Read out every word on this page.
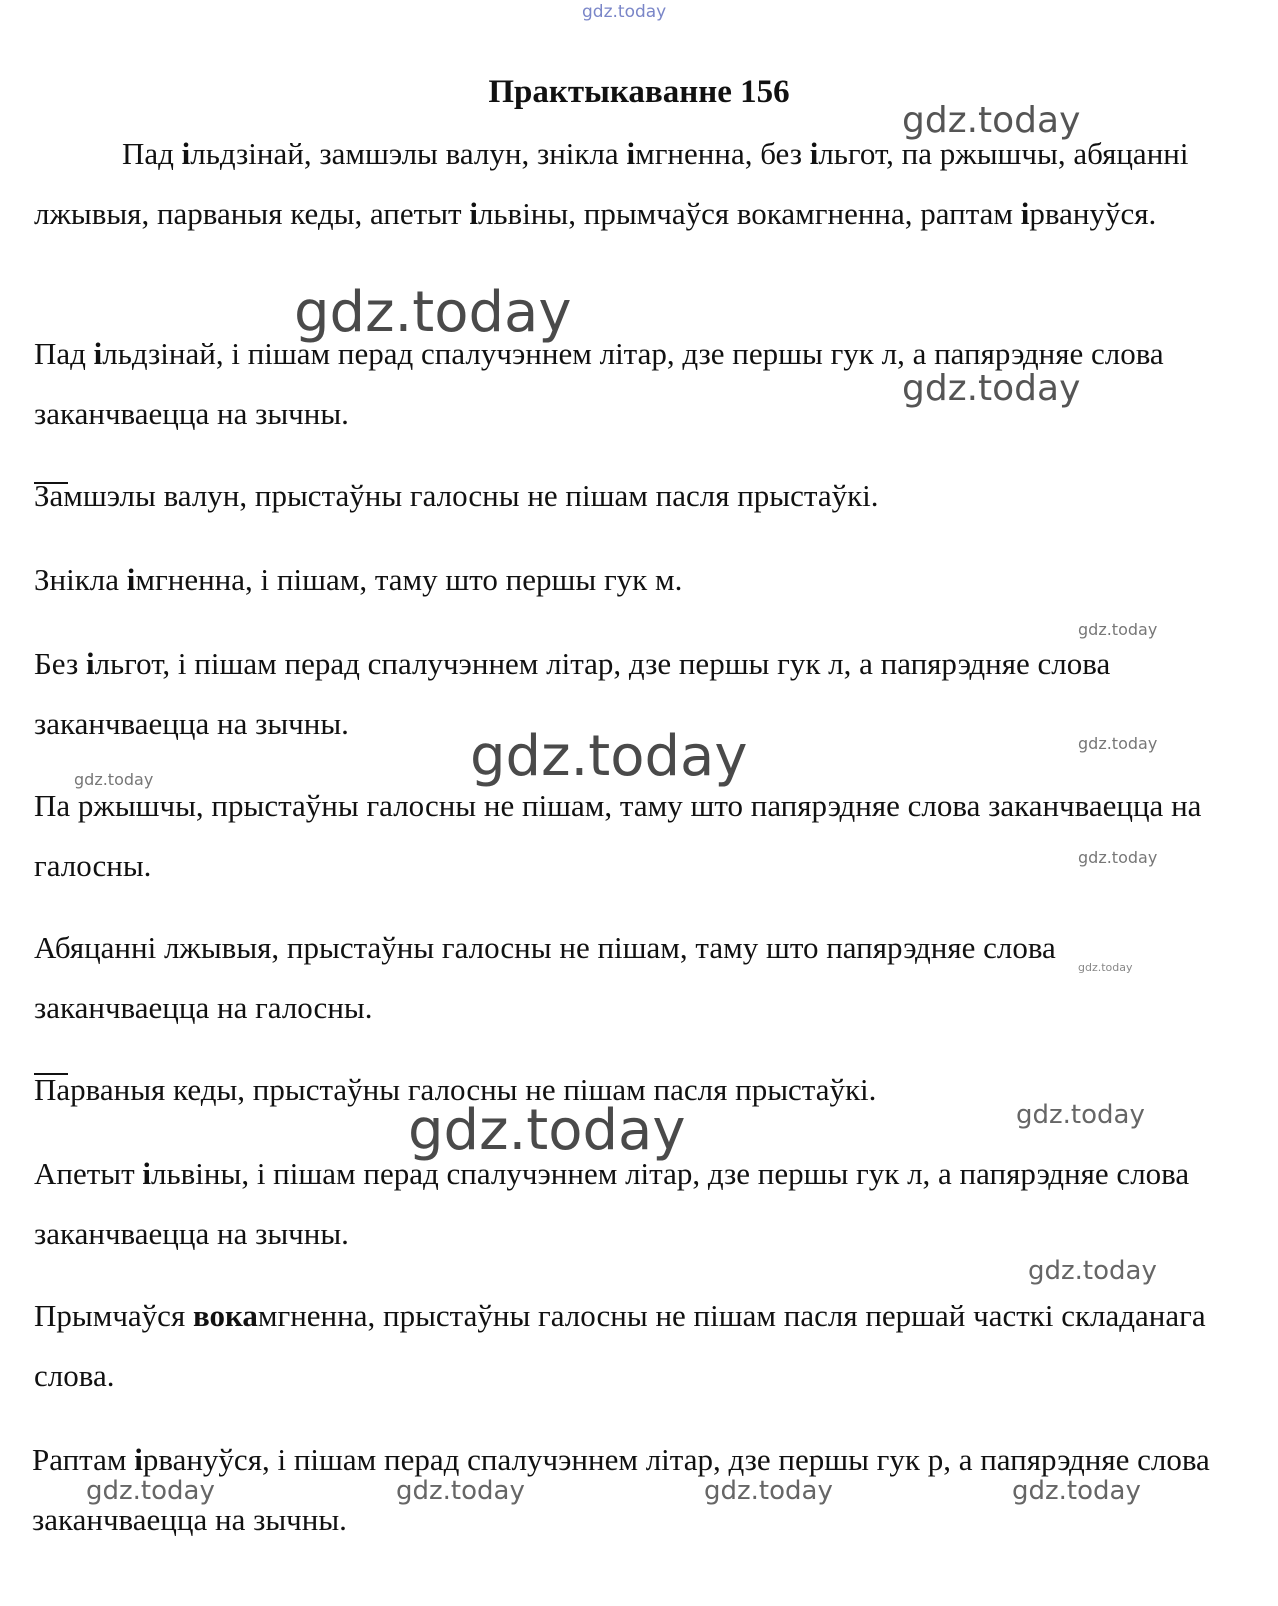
gdz.today
Практыкаванне 156

Пад ільдзінай, замшэлы валун, знікла імгненна, без ільгот, па ржышчы, абяцанні лжывыя, парваныя кеды, апетыт ільвіны, прымчаўся вокамгненна, раптам ірвануўся.

Пад ільдзінай, і пішам перад спалучэннем літар, дзе першы гук л, а папярэдняе слова заканчваецца на зычны.

Замшэлы валун, прыстаўны галосны не пішам пасля прыстаўкі.

Знікла імгненна, і пішам, таму што першы гук м.

Без ільгот, і пішам перад спалучэннем літар, дзе першы гук л, а папярэдняе слова заканчваецца на зычны.

Па ржышчы, прыстаўны галосны не пішам, таму што папярэдняе слова заканчваецца на галосны.

Абяцанні лжывыя, прыстаўны галосны не пішам, таму што папярэдняе слова заканчваецца на галосны.

Парваныя кеды, прыстаўны галосны не пішам пасля прыстаўкі.

Апетыт ільвіны, і пішам перад спалучэннем літар, дзе першы гук л, а папярэдняе слова заканчваецца на зычны.

Прымчаўся вокамгненна, прыстаўны галосны не пішам пасля першай часткі складанага слова.

Раптам ірвануўся, і пішам перад спалучэннем літар, дзе першы гук р, а папярэдняе слова заканчваецца на зычны.

gdz.today
gdz.today
gdz.today
gdz.today
gdz.today
gdz.today
gdz.today
gdz.today
gdz.today
gdz.today
gdz.today
gdz.today
gdz.today	gdz.today	gdz.today	gdz.today
